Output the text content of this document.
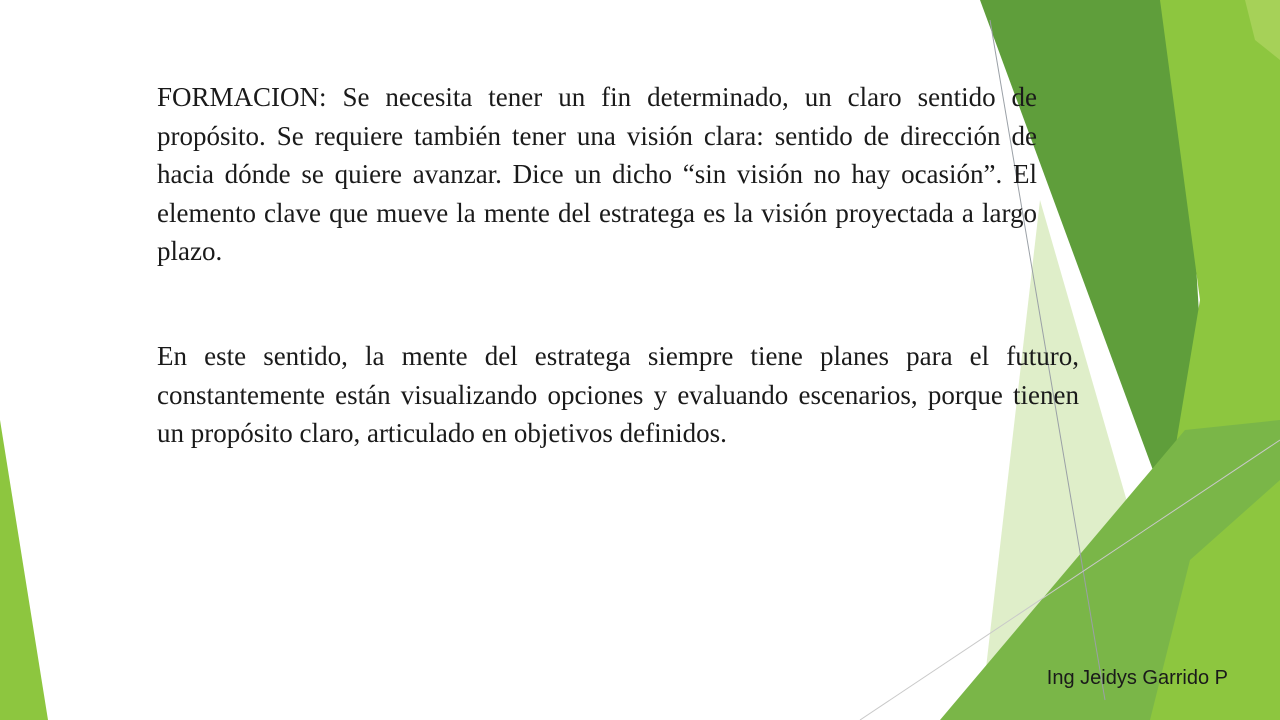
FORMACION: Se necesita tener un fin determinado, un claro sentido de propósito. Se requiere también tener una visión clara: sentido de dirección de hacia dónde se quiere avanzar. Dice un dicho “sin visión no hay ocasión”. El elemento clave que mueve la mente del estratega es la visión proyectada a largo plazo.

En este sentido, la mente del estratega siempre tiene planes para el futuro, constantemente están visualizando opciones y evaluando escenarios, porque tienen un propósito claro, articulado en objetivos definidos.

Ing Jeidys Garrido P
